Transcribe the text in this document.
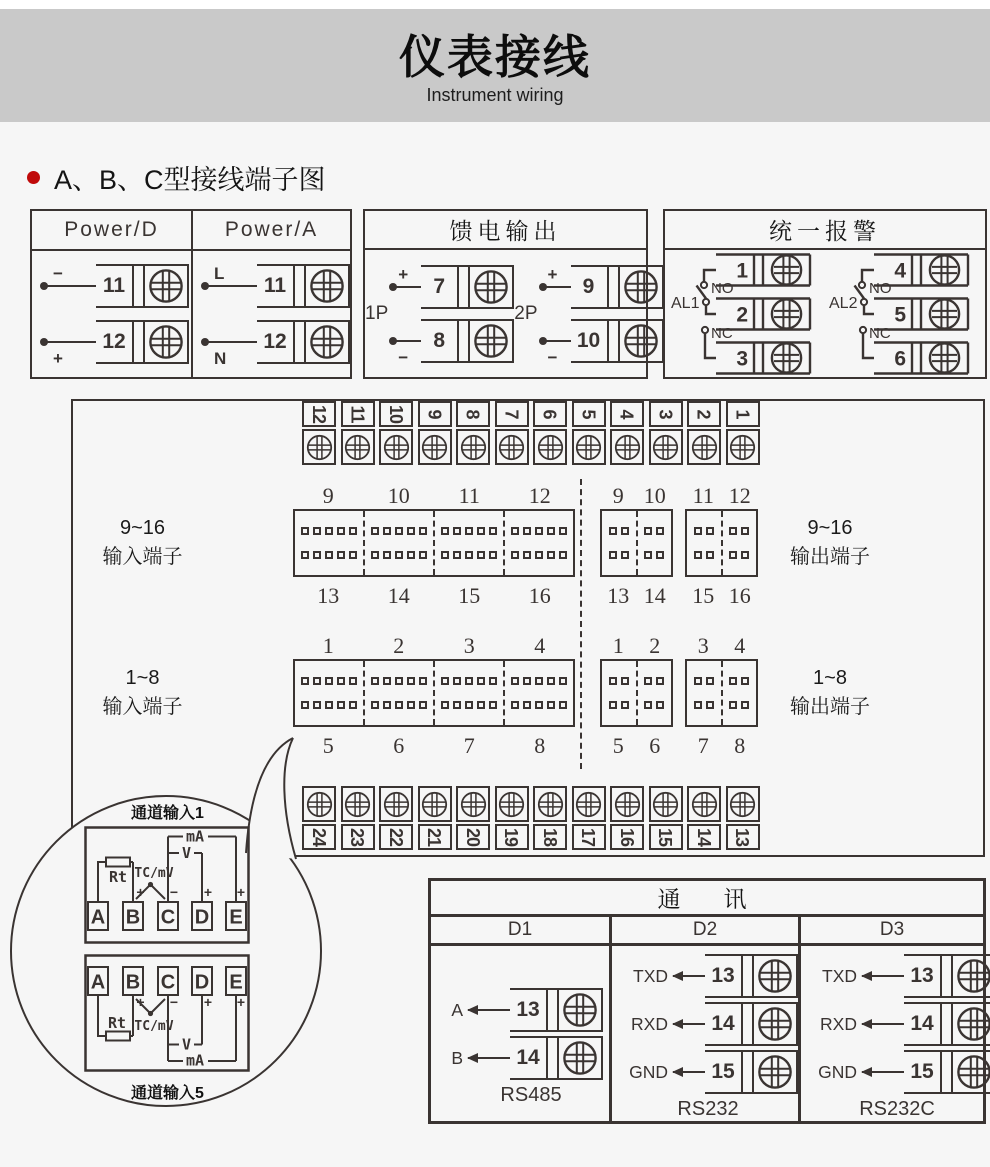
仪表接线
Instrument wiring
A、B、C型接线端子图
Power/D	Power/A
−
11
+
12
L
11
N
12
馈电输出
1P
+
7
−
8
2P
+
9
−
10
统一报警
1
2
3
AL1
NO
NC
4
5
6
AL2
NO
NC
12 11 10 9 8 7 6 5 4 3 2 1
24 23 22 21 20 19 18 17 16 15 14 13
9	10	11	12
13	14	15	16
1	2	3	4
5	6	7	8
9 10	11 12
13 14	15 16
1	2	3	4
5	6	7	8
9~16
输入端子
1~8
输入端子
9~16
输出端子
1~8
输出端子
通道输入1
A B C D E
Rt TC/mV
V
mA
+ − + +
A B C D E
Rt TC/mV
V
mA
+ − + +
通道输入5
通　讯
D1	D2	D3
A	13
B	14
RS485
TXD	13
RXD	14
GND	15
RS232
TXD	13
RXD	14
GND	15
RS232C
